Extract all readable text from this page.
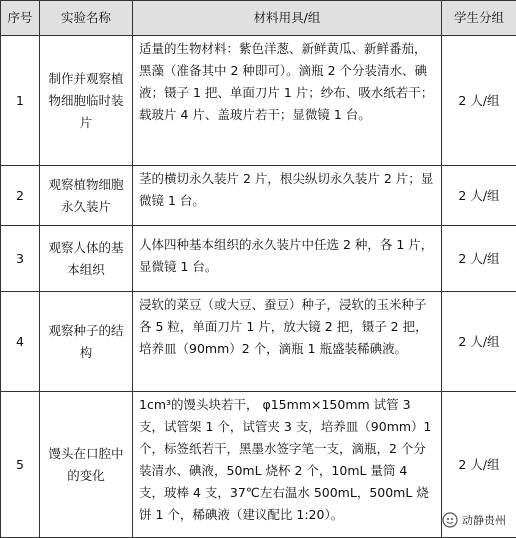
序号	实验名称	材料用具/组	学生分组
1	制作并观察植物细胞临时装片	适量的生物材料：紫色洋葱、新鲜黄瓜、新鲜番茄，黑藻（准备其中 2 种即可）。滴瓶 2 个分装清水、碘液；镊子 1 把、单面刀片 1 片；纱布、吸水纸若干；载玻片 4 片、盖玻片若干；显微镜 1 台。	2 人/组
2	观察植物细胞永久装片	茎的横切永久装片 2 片，根尖纵切永久装片 2 片；显微镜 1 台。	2 人/组
3	观察人体的基本组织	人体四种基本组织的永久装片中任选 2 种，各 1 片，显微镜 1 台。	2 人/组
4	观察种子的结构	浸软的菜豆（或大豆、蚕豆）种子，浸软的玉米种子各 5 粒，单面刀片 1 片，放大镜 2 把，镊子 2 把，培养皿（90mm）2 个，滴瓶 1 瓶盛装稀碘液。	2 人/组
5	馒头在口腔中的变化	1cm³的馒头块若干， φ15mm×150mm 试管 3 支，试管架 1 个，试管夹 3 支，培养皿（90mm）1 个，标签纸若干，黑墨水签字笔一支，滴瓶，2 个分装清水、碘液，50mL 烧杯 2 个，10mL 量筒 4 支，玻棒 4 支，37℃左右温水 500mL，500mL 烧饼 1 个，稀碘液（建议配比 1:20）。	2 人/组
动静贵州
